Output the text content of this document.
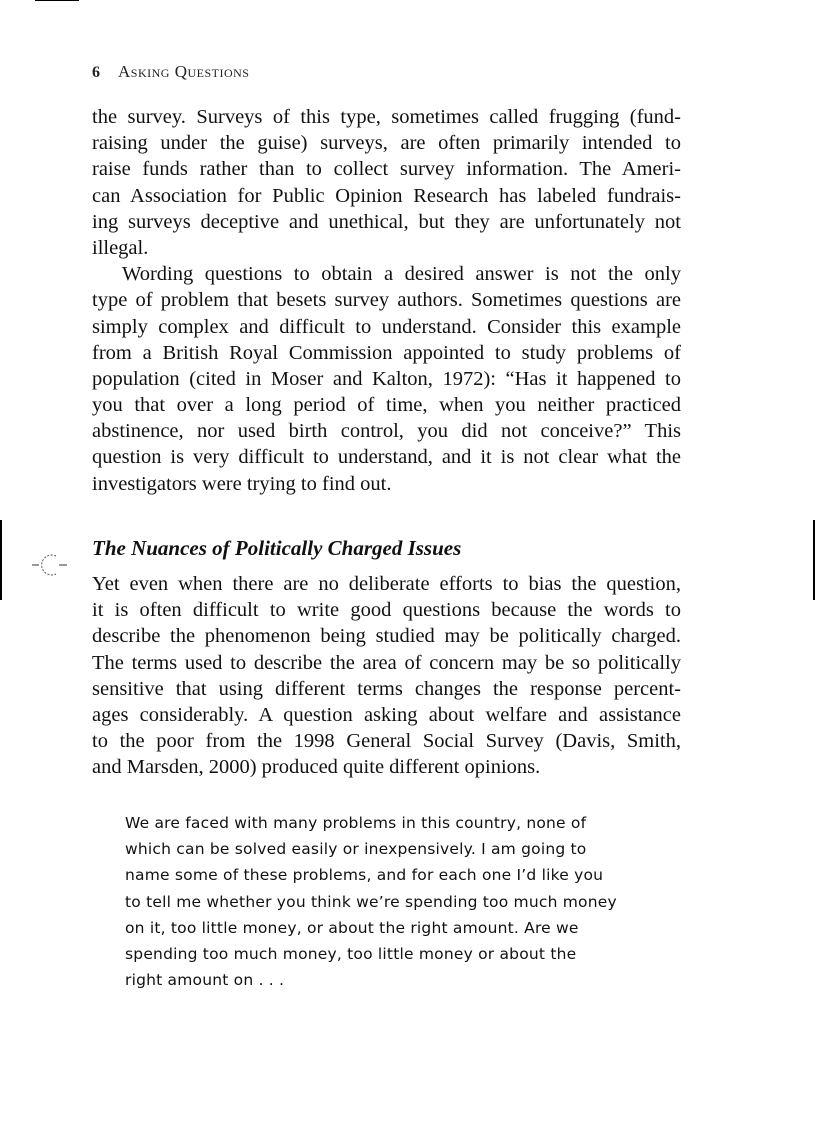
6 Asking Questions
the survey. Surveys of this type, sometimes called frugging (fund-
raising under the guise) surveys, are often primarily intended to
raise funds rather than to collect survey information. The Ameri-
can Association for Public Opinion Research has labeled fundrais-
ing surveys deceptive and unethical, but they are unfortunately not
illegal.
Wording questions to obtain a desired answer is not the only
type of problem that besets survey authors. Sometimes questions are
simply complex and difficult to understand. Consider this example
from a British Royal Commission appointed to study problems of
population (cited in Moser and Kalton, 1972): “Has it happened to
you that over a long period of time, when you neither practiced
abstinence, nor used birth control, you did not conceive?” This
question is very difficult to understand, and it is not clear what the
investigators were trying to find out.
The Nuances of Politically Charged Issues
Yet even when there are no deliberate efforts to bias the question,
it is often difficult to write good questions because the words to
describe the phenomenon being studied may be politically charged.
The terms used to describe the area of concern may be so politically
sensitive that using different terms changes the response percent-
ages considerably. A question asking about welfare and assistance
to the poor from the 1998 General Social Survey (Davis, Smith,
and Marsden, 2000) produced quite different opinions.
We are faced with many problems in this country, none of
which can be solved easily or inexpensively. I am going to
name some of these problems, and for each one I’d like you
to tell me whether you think we’re spending too much money
on it, too little money, or about the right amount. Are we
spending too much money, too little money or about the
right amount on . . .
